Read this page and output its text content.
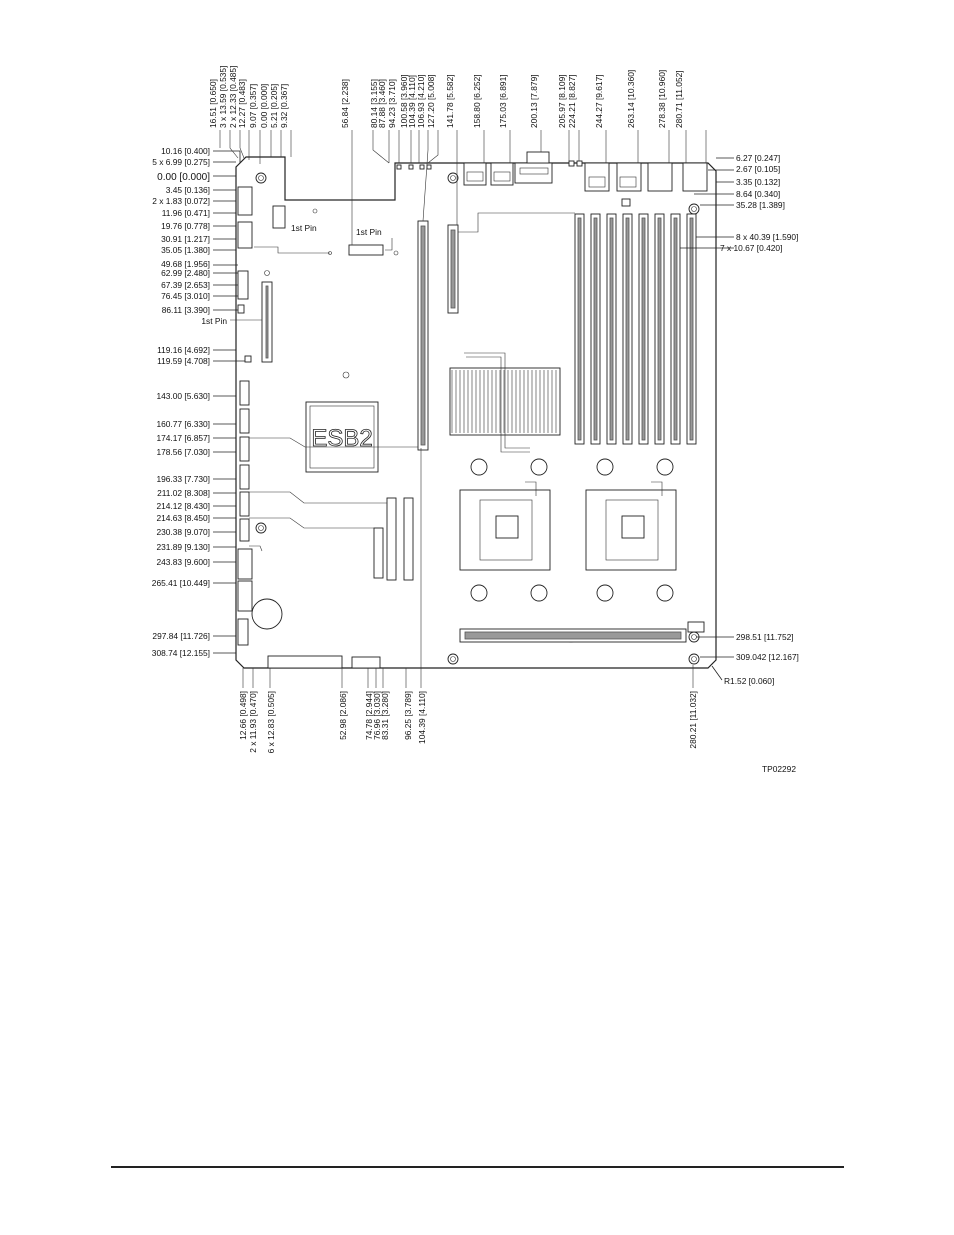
ESB2
1st Pin	1st Pin
1st Pin
10.16 [0.400]
5 x 6.99 [0.275]
0.00 [0.000]
3.45 [0.136]
2 x 1.83 [0.072]
11.96 [0.471]
19.76 [0.778]
30.91 [1.217]
35.05 [1.380]
49.68 [1.956]
62.99 [2.480]
67.39 [2.653]
76.45 [3.010]
86.11 [3.390]
119.16 [4.692]
119.59 [4.708]
143.00 [5.630]
160.77 [6.330]
174.17 [6.857]
178.56 [7.030]
196.33 [7.730]
211.02 [8.308]
214.12 [8.430]
214.63 [8.450]
230.38 [9.070]
231.89 [9.130]
243.83 [9.600]
265.41 [10.449]
297.84 [11.726]
308.74 [12.155]
6.27 [0.247]
2.67 [0.105]
3.35 [0.132]
8.64 [0.340]
35.28 [1.389]
8 x 40.39 [1.590]
7 x 10.67 [0.420]
298.51 [11.752]
309.042 [12.167]
R1.52 [0.060]
16.51 [0.650] 3 x 13.59 [0.535] 2 x 12.33 [0.485] 12.27 [0.483] 9.07 [0.357] 0.00 [0.000] 5.21 [0.205] 9.32 [0.367]	56.84 [2.238] 80.14 [3.155]
87.88 [3.460] 94.23 [3.710] 100.58 [3.960]
104.39 [4.110] 106.93 [4.210] 127.20 [5.008] 141.78 [5.582] 158.80 [6.252] 175.03 [6.891]	200.13 [7.879] 205.97 [8.109] 224.21 [8.827] 244.27 [9.617]	263.14 [10.360]	278.38 [10.960] 280.71 [11.052]
12.66 [0.498] 2 x 11.93 [0.470] 6 x 12.83 [0.505]	52.98 [2.086] 74.78 [2.944]
76.96 [3.030]
83.31 [3.280] 96.25 [3.789] 104.39 [4.110]	280.21 [11.032]
TP02292
